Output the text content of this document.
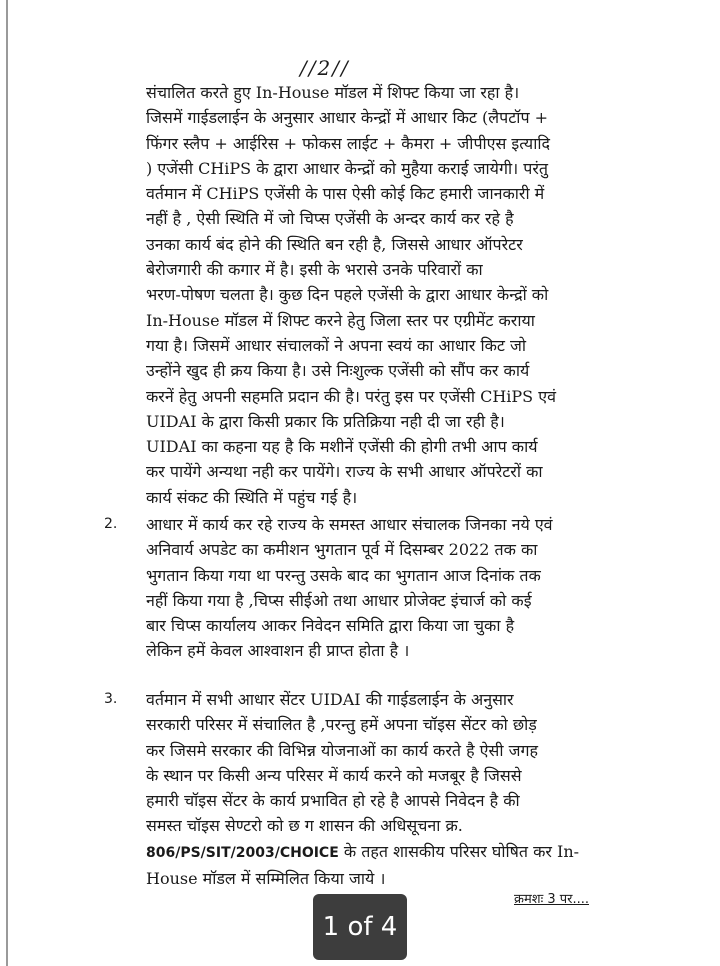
//2//
संचालित करते हुए In-House मॉडल में शिफ्ट किया जा रहा है।
जिसमें गाईडलाईन के अनुसार आधार केन्द्रों में आधार किट (लैपटॉप +
फिंगर स्लैप + आईरिस + फोकस लाईट + कैमरा + जीपीएस इत्यादि
) एजेंसी CHiPS के द्वारा आधार केन्द्रों को मुहैया कराई जायेगी। परंतु
वर्तमान में CHiPS एजेंसी के पास ऐसी कोई किट हमारी जानकारी में
नहीं है , ऐसी स्थिति में जो चिप्स एजेंसी के अन्दर कार्य कर रहे है
उनका कार्य बंद होने की स्थिति बन रही है, जिससे आधार ऑपरेटर
बेरोजगारी की कगार में है। इसी के भरासे उनके परिवारों का
भरण-पोषण चलता है। कुछ दिन पहले एजेंसी के द्वारा आधार केन्द्रों को
In-House मॉडल में शिफ्ट करने हेतु जिला स्तर पर एग्रीमेंट कराया
गया है। जिसमें आधार संचालकों ने अपना स्वयं का आधार किट जो
उन्होंने खुद ही क्रय किया है। उसे निःशुल्क एजेंसी को सौंप कर कार्य
करनें हेतु अपनी सहमति प्रदान की है। परंतु इस पर एजेंसी CHiPS एवं
UIDAI के द्वारा किसी प्रकार कि प्रतिक्रिया नही दी जा रही है।
UIDAI का कहना यह है कि मशीनें एजेंसी की होगी तभी आप कार्य
कर पायेंगे अन्यथा नही कर पायेंगे। राज्य के सभी आधार ऑपरेटरों का
कार्य संकट की स्थिति में पहुंच गई है।
2. आधार में कार्य कर रहे राज्य के समस्त आधार संचालक जिनका नये एवं
अनिवार्य अपडेट का कमीशन भुगतान पूर्व में दिसम्बर 2022 तक का
भुगतान किया गया था परन्तु उसके बाद का भुगतान आज दिनांक तक
नहीं किया गया है ,चिप्स सीईओ तथा आधार प्रोजेक्ट इंचार्ज को कई
बार चिप्स कार्यालय आकर निवेदन समिति द्वारा किया जा चुका है
लेकिन हमें केवल आश्वाशन ही प्राप्त होता है ।
3. वर्तमान में सभी आधार सेंटर UIDAI की गाईडलाईन के अनुसार
सरकारी परिसर में संचालित है ,परन्तु हमें अपना चॉइस सेंटर को छोड़
कर जिसमे सरकार की विभिन्न योजनाओं का कार्य करते है ऐसी जगह
के स्थान पर किसी अन्य परिसर में कार्य करने को मजबूर है जिससे
हमारी चॉइस सेंटर के कार्य प्रभावित हो रहे है आपसे निवेदन है की
समस्त चॉइस सेण्टरो को छ ग शासन की अधिसूचना क्र.
806/PS/SIT/2003/CHOICE के तहत शासकीय परिसर घोषित कर In-
House मॉडल में सम्मिलित किया जाये ।
क्रमशः 3 पर....
1 of 4
